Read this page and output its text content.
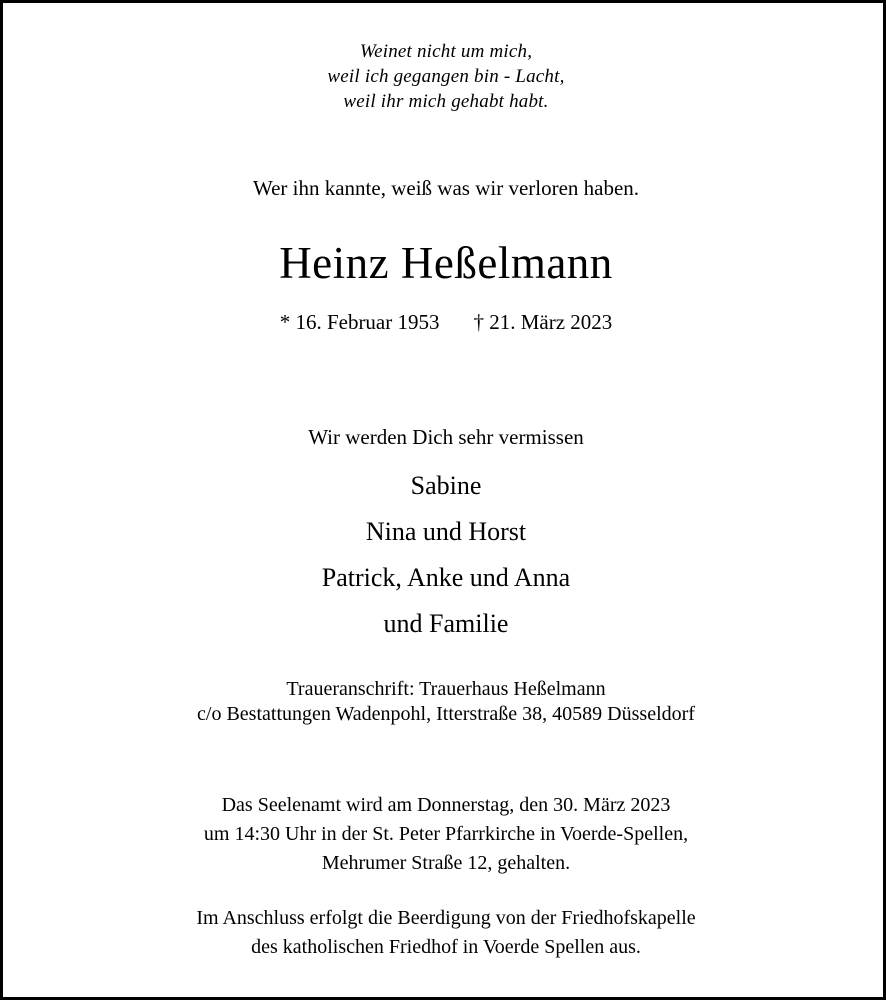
Weinet nicht um mich,

weil ich gegangen bin - Lacht,

weil ihr mich gehabt habt.

Wer ihn kannte, weiß was wir verloren haben.

Heinz Heßelmann

* 16. Februar 1953 † 21. März 2023

Wir werden Dich sehr vermissen

Sabine

Nina und Horst

Patrick, Anke und Anna

und Familie

Traueranschrift: Trauerhaus Heßelmann

c/o Bestattungen Wadenpohl, Itterstraße 38, 40589 Düsseldorf

Das Seelenamt wird am Donnerstag, den 30. März 2023

um 14:30 Uhr in der St. Peter Pfarrkirche in Voerde-Spellen,

Mehrumer Straße 12, gehalten.

Im Anschluss erfolgt die Beerdigung von der Friedhofskapelle

des katholischen Friedhof in Voerde Spellen aus.
